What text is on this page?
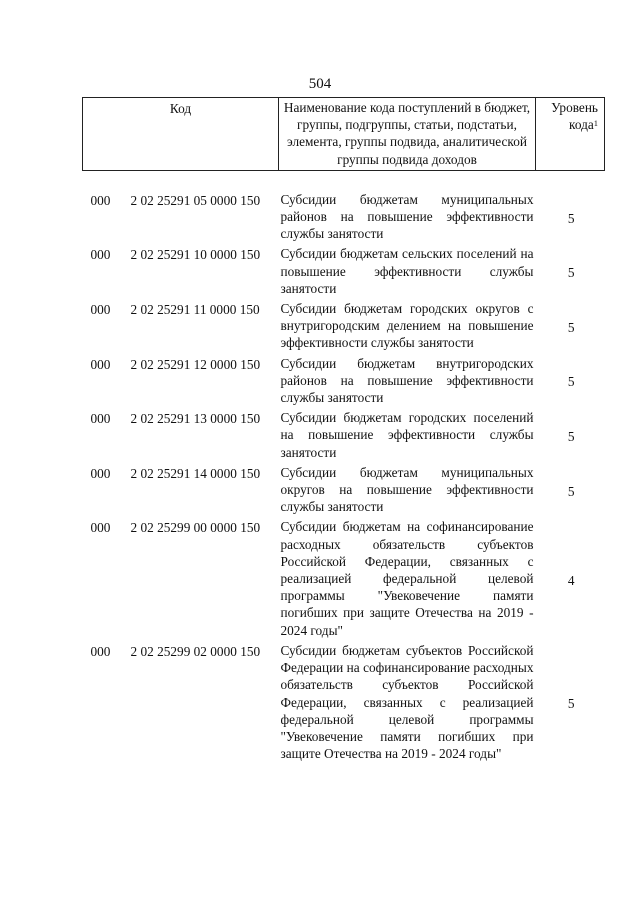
504
Код	Наименование кода поступлений в бюджет, группы, подгруппы, статьи, подстатьи, элемента, группы подвида, аналитической группы подвида доходов	Уровень кода$^1$

000 2 02 25291 05 0000 150	Субсидии бюджетам муниципальных районов на повышение эффективности службы занятости	5
000 2 02 25291 10 0000 150	Субсидии бюджетам сельских поселений на повышение эффективности службы занятости	5
000 2 02 25291 11 0000 150	Субсидии бюджетам городских округов с внутригородским делением на повышение эффективности службы занятости	5
000 2 02 25291 12 0000 150	Субсидии бюджетам внутригородских районов на повышение эффективности службы занятости	5
000 2 02 25291 13 0000 150	Субсидии бюджетам городских поселений на повышение эффективности службы занятости	5
000 2 02 25291 14 0000 150	Субсидии бюджетам муниципальных округов на повышение эффективности службы занятости	5
000 2 02 25299 00 0000 150	Субсидии бюджетам на софинансирование расходных обязательств субъектов Российской Федерации, связанных с реализацией федеральной целевой программы "Увековечение памяти погибших при защите Отечества на 2019 - 2024 годы"	4
000 2 02 25299 02 0000 150	Субсидии бюджетам субъектов Российской Федерации на софинансирование расходных обязательств субъектов Российской Федерации, связанных с реализацией федеральной целевой программы "Увековечение памяти погибших при защите Отечества на 2019 - 2024 годы"	5
